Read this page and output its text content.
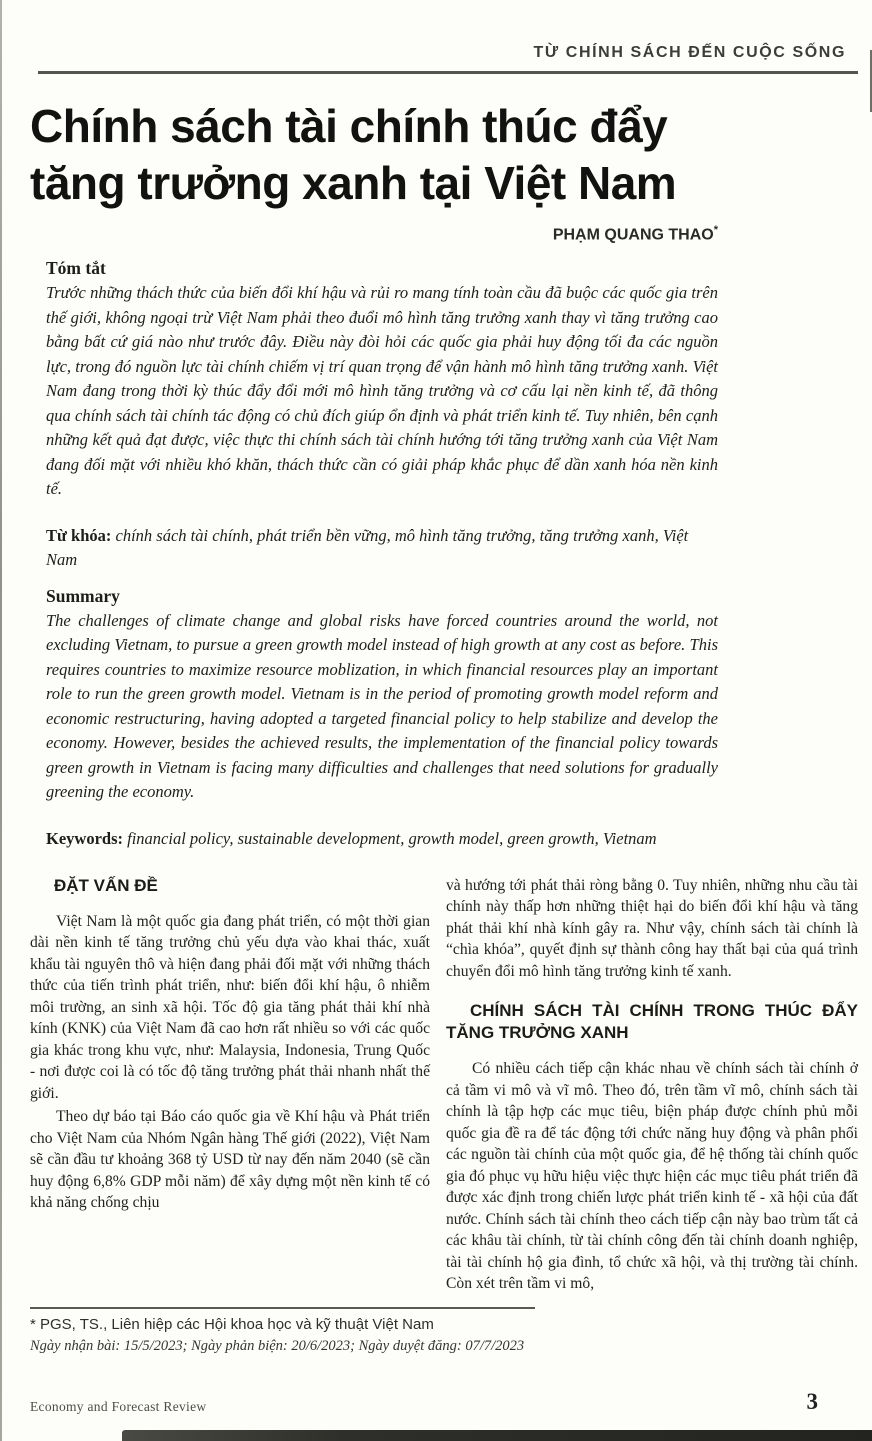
TỪ CHÍNH SÁCH ĐẾN CUỘC SỐNG
Chính sách tài chính thúc đẩy
tăng trưởng xanh tại Việt Nam
PHẠM QUANG THAO*
Tóm tắt

Trước những thách thức của biến đổi khí hậu và rủi ro mang tính toàn cầu đã buộc các quốc gia trên thế giới, không ngoại trừ Việt Nam phải theo đuổi mô hình tăng trưởng xanh thay vì tăng trưởng cao bằng bất cứ giá nào như trước đây. Điều này đòi hỏi các quốc gia phải huy động tối đa các nguồn lực, trong đó nguồn lực tài chính chiếm vị trí quan trọng để vận hành mô hình tăng trưởng xanh. Việt Nam đang trong thời kỳ thúc đẩy đổi mới mô hình tăng trưởng và cơ cấu lại nền kinh tế, đã thông qua chính sách tài chính tác động có chủ đích giúp ổn định và phát triển kinh tế. Tuy nhiên, bên cạnh những kết quả đạt được, việc thực thi chính sách tài chính hướng tới tăng trưởng xanh của Việt Nam đang đối mặt với nhiều khó khăn, thách thức cần có giải pháp khắc phục để dần xanh hóa nền kinh tế.

Từ khóa: chính sách tài chính, phát triển bền vững, mô hình tăng trưởng, tăng trưởng xanh, Việt Nam

Summary

The challenges of climate change and global risks have forced countries around the world, not excluding Vietnam, to pursue a green growth model instead of high growth at any cost as before. This requires countries to maximize resource moblization, in which financial resources play an important role to run the green growth model. Vietnam is in the period of promoting growth model reform and economic restructuring, having adopted a targeted financial policy to help stabilize and develop the economy. However, besides the achieved results, the implementation of the financial policy towards green growth in Vietnam is facing many difficulties and challenges that need solutions for gradually greening the economy.

Keywords: financial policy, sustainable development, growth model, green growth, Vietnam

ĐẶT VẤN ĐỀ

Việt Nam là một quốc gia đang phát triển, có một thời gian dài nền kinh tế tăng trưởng chủ yếu dựa vào khai thác, xuất khẩu tài nguyên thô và hiện đang phải đối mặt với những thách thức của tiến trình phát triển, như: biến đổi khí hậu, ô nhiễm môi trường, an sinh xã hội. Tốc độ gia tăng phát thải khí nhà kính (KNK) của Việt Nam đã cao hơn rất nhiều so với các quốc gia khác trong khu vực, như: Malaysia, Indonesia, Trung Quốc - nơi được coi là có tốc độ tăng trưởng phát thải nhanh nhất thế giới.

Theo dự báo tại Báo cáo quốc gia về Khí hậu và Phát triển cho Việt Nam của Nhóm Ngân hàng Thế giới (2022), Việt Nam sẽ cần đầu tư khoảng 368 tỷ USD từ nay đến năm 2040 (sẽ cần huy động 6,8% GDP mỗi năm) để xây dựng một nền kinh tế có khả năng chống chịu

và hướng tới phát thải ròng bằng 0. Tuy nhiên, những nhu cầu tài chính này thấp hơn những thiệt hại do biến đổi khí hậu và tăng phát thải khí nhà kính gây ra. Như vậy, chính sách tài chính là “chìa khóa”, quyết định sự thành công hay thất bại của quá trình chuyển đổi mô hình tăng trưởng kinh tế xanh.

CHÍNH SÁCH TÀI CHÍNH TRONG THÚC ĐẨY TĂNG TRƯỞNG XANH

Có nhiều cách tiếp cận khác nhau về chính sách tài chính ở cả tầm vi mô và vĩ mô. Theo đó, trên tầm vĩ mô, chính sách tài chính là tập hợp các mục tiêu, biện pháp được chính phủ mỗi quốc gia đề ra để tác động tới chức năng huy động và phân phối các nguồn tài chính của một quốc gia, để hệ thống tài chính quốc gia đó phục vụ hữu hiệu việc thực hiện các mục tiêu phát triển đã được xác định trong chiến lược phát triển kinh tế - xã hội của đất nước. Chính sách tài chính theo cách tiếp cận này bao trùm tất cả các khâu tài chính, từ tài chính công đến tài chính doanh nghiệp, tài tài chính hộ gia đình, tổ chức xã hội, và thị trường tài chính. Còn xét trên tầm vi mô,

* PGS, TS., Liên hiệp các Hội khoa học và kỹ thuật Việt Nam
Ngày nhận bài: 15/5/2023; Ngày phản biện: 20/6/2023; Ngày duyệt đăng: 07/7/2023
Economy and Forecast Review	3
